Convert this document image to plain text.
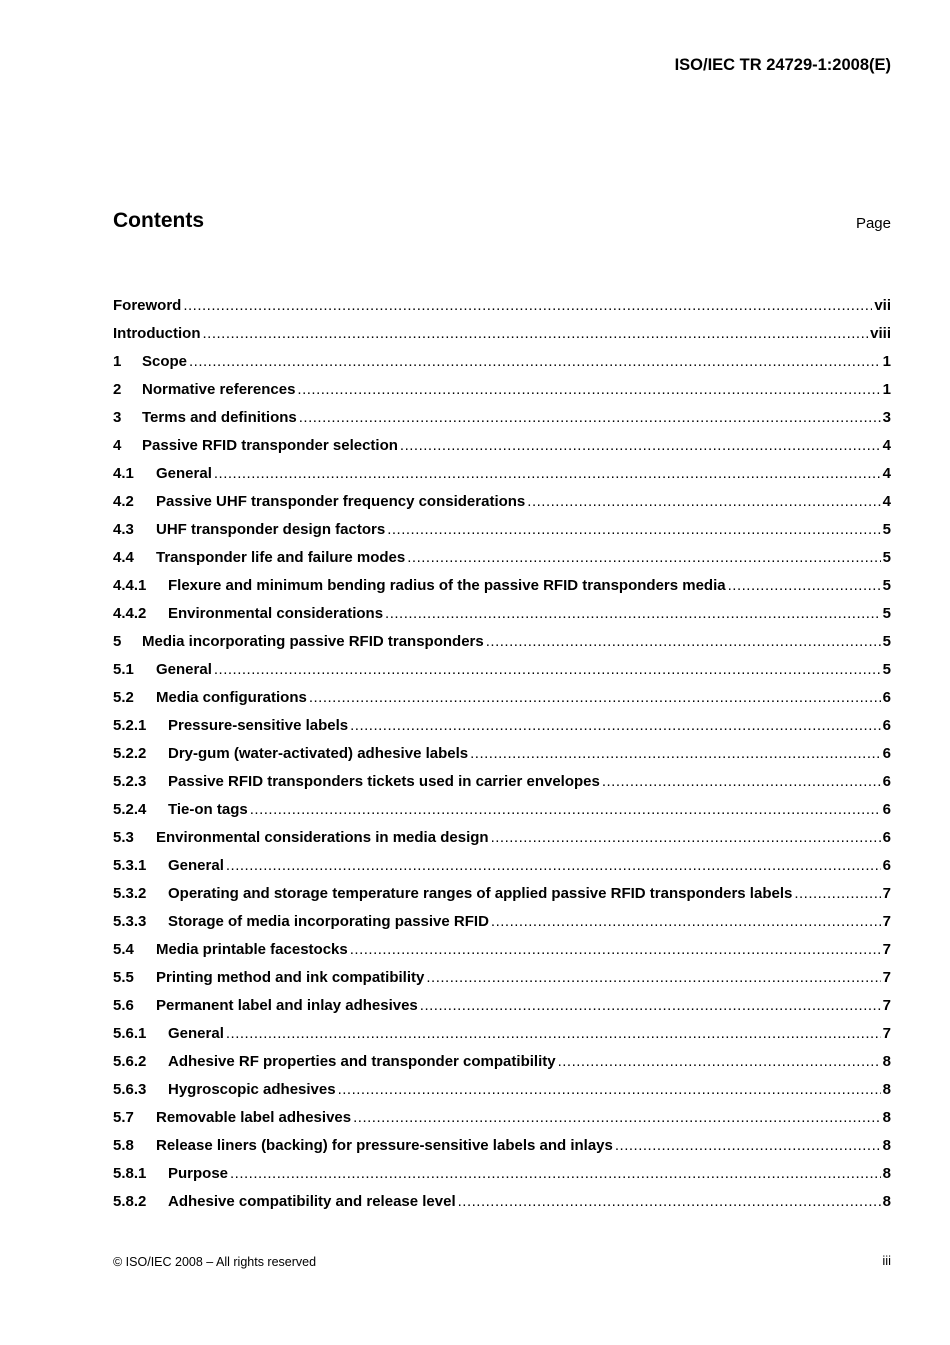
ISO/IEC TR 24729-1:2008(E)
Contents	Page
Foreword .....	vii
Introduction .....	viii
1	Scope .....	1
2	Normative references .....	1
3	Terms and definitions .....	3
4	Passive RFID transponder selection .....	4
4.1	General .....	4
4.2	Passive UHF transponder frequency considerations .....	4
4.3	UHF transponder design factors .....	5
4.4	Transponder life and failure modes .....	5
4.4.1	Flexure and minimum bending radius of the passive RFID transponders media .....	5
4.4.2	Environmental considerations .....	5
5	Media incorporating passive RFID transponders .....	5
5.1	General .....	5
5.2	Media configurations .....	6
5.2.1	Pressure-sensitive labels .....	6
5.2.2	Dry-gum (water-activated) adhesive labels .....	6
5.2.3	Passive RFID transponders tickets used in carrier envelopes .....	6
5.2.4	Tie-on tags .....	6
5.3	Environmental considerations in media design .....	6
5.3.1	General .....	6
5.3.2	Operating and storage temperature ranges of applied passive RFID transponders labels .....	7
5.3.3	Storage of media incorporating passive RFID .....	7
5.4	Media printable facestocks .....	7
5.5	Printing method and ink compatibility .....	7
5.6	Permanent label and inlay adhesives .....	7
5.6.1	General .....	7
5.6.2	Adhesive RF properties and transponder compatibility .....	8
5.6.3	Hygroscopic adhesives .....	8
5.7	Removable label adhesives .....	8
5.8	Release liners (backing) for pressure-sensitive labels and inlays .....	8
5.8.1	Purpose .....	8
5.8.2	Adhesive compatibility and release level .....	8
© ISO/IEC 2008 – All rights reserved	iii
